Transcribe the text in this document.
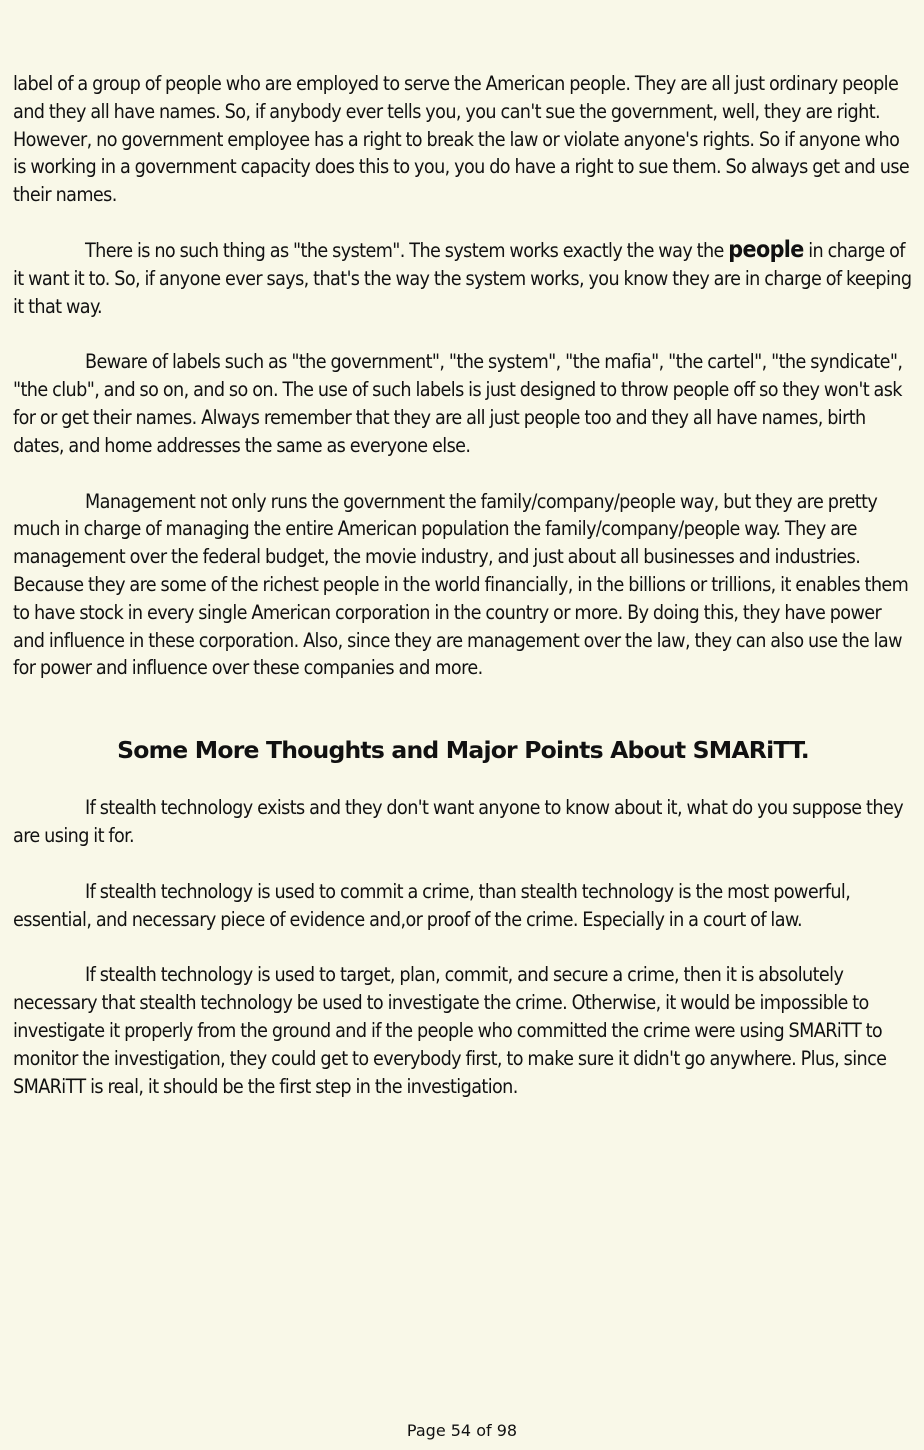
label of a group of people who are employed to serve the American people. They are all just ordinary people and they all have names. So, if anybody ever tells you, you can't sue the government, well, they are right. However, no government employee has a right to break the law or violate anyone's rights. So if anyone who is working in a government capacity does this to you, you do have a right to sue them. So always get and use their names.

There is no such thing as "the system". The system works exactly the way the people in charge of it want it to. So, if anyone ever says, that's the way the system works, you know they are in charge of keeping it that way.

Beware of labels such as "the government", "the system", "the mafia", "the cartel", "the syndicate", "the club", and so on, and so on. The use of such labels is just designed to throw people off so they won't ask for or get their names. Always remember that they are all just people too and they all have names, birth dates, and home addresses the same as everyone else.

Management not only runs the government the family/company/people way, but they are pretty much in charge of managing the entire American population the family/company/people way. They are management over the federal budget, the movie industry, and just about all businesses and industries. Because they are some of the richest people in the world financially, in the billions or trillions, it enables them to have stock in every single American corporation in the country or more. By doing this, they have power and influence in these corporation. Also, since they are management over the law, they can also use the law for power and influence over these companies and more.

Some More Thoughts and Major Points About SMARiTT.

If stealth technology exists and they don't want anyone to know about it, what do you suppose they are using it for.

If stealth technology is used to commit a crime, than stealth technology is the most powerful, essential, and necessary piece of evidence and,or proof of the crime. Especially in a court of law.

If stealth technology is used to target, plan, commit, and secure a crime, then it is absolutely necessary that stealth technology be used to investigate the crime. Otherwise, it would be impossible to investigate it properly from the ground and if the people who committed the crime were using SMARiTT to monitor the investigation, they could get to everybody first, to make sure it didn't go anywhere. Plus, since SMARiTT is real, it should be the first step in the investigation.

Page 54 of 98
